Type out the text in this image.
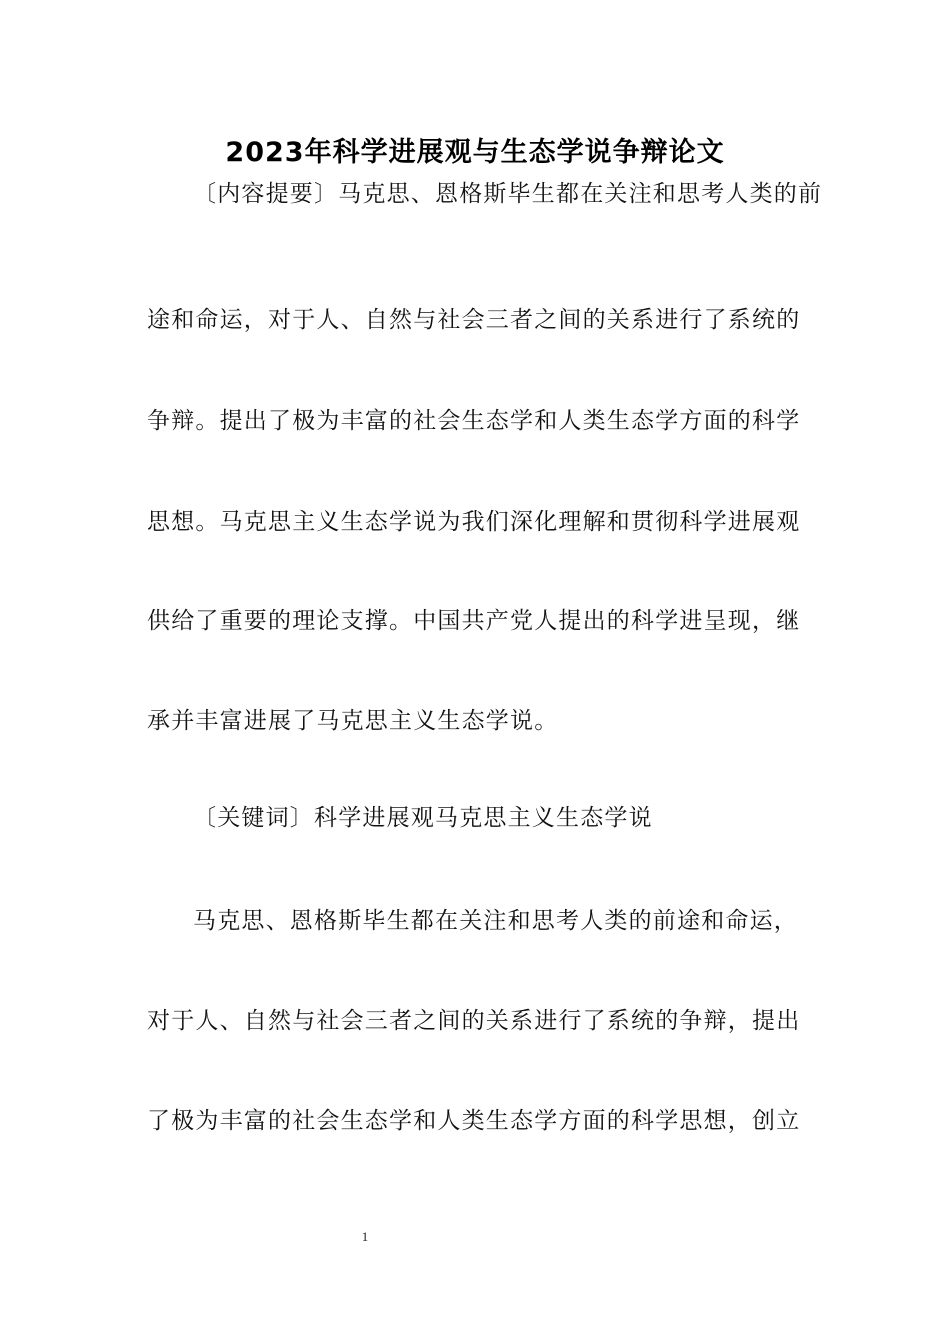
2023年科学进展观与生态学说争辩论文
〔内容提要〕马克思、恩格斯毕生都在关注和思考人类的前
途和命运，对于人、自然与社会三者之间的关系进行了系统的
争辩。提出了极为丰富的社会生态学和人类生态学方面的科学
思想。马克思主义生态学说为我们深化理解和贯彻科学进展观
供给了重要的理论支撑。中国共产党人提出的科学进呈现，继
承并丰富进展了马克思主义生态学说。
〔关键词〕科学进展观马克思主义生态学说
马克思、恩格斯毕生都在关注和思考人类的前途和命运，
对于人、自然与社会三者之间的关系进行了系统的争辩，提出
了极为丰富的社会生态学和人类生态学方面的科学思想，创立
1
